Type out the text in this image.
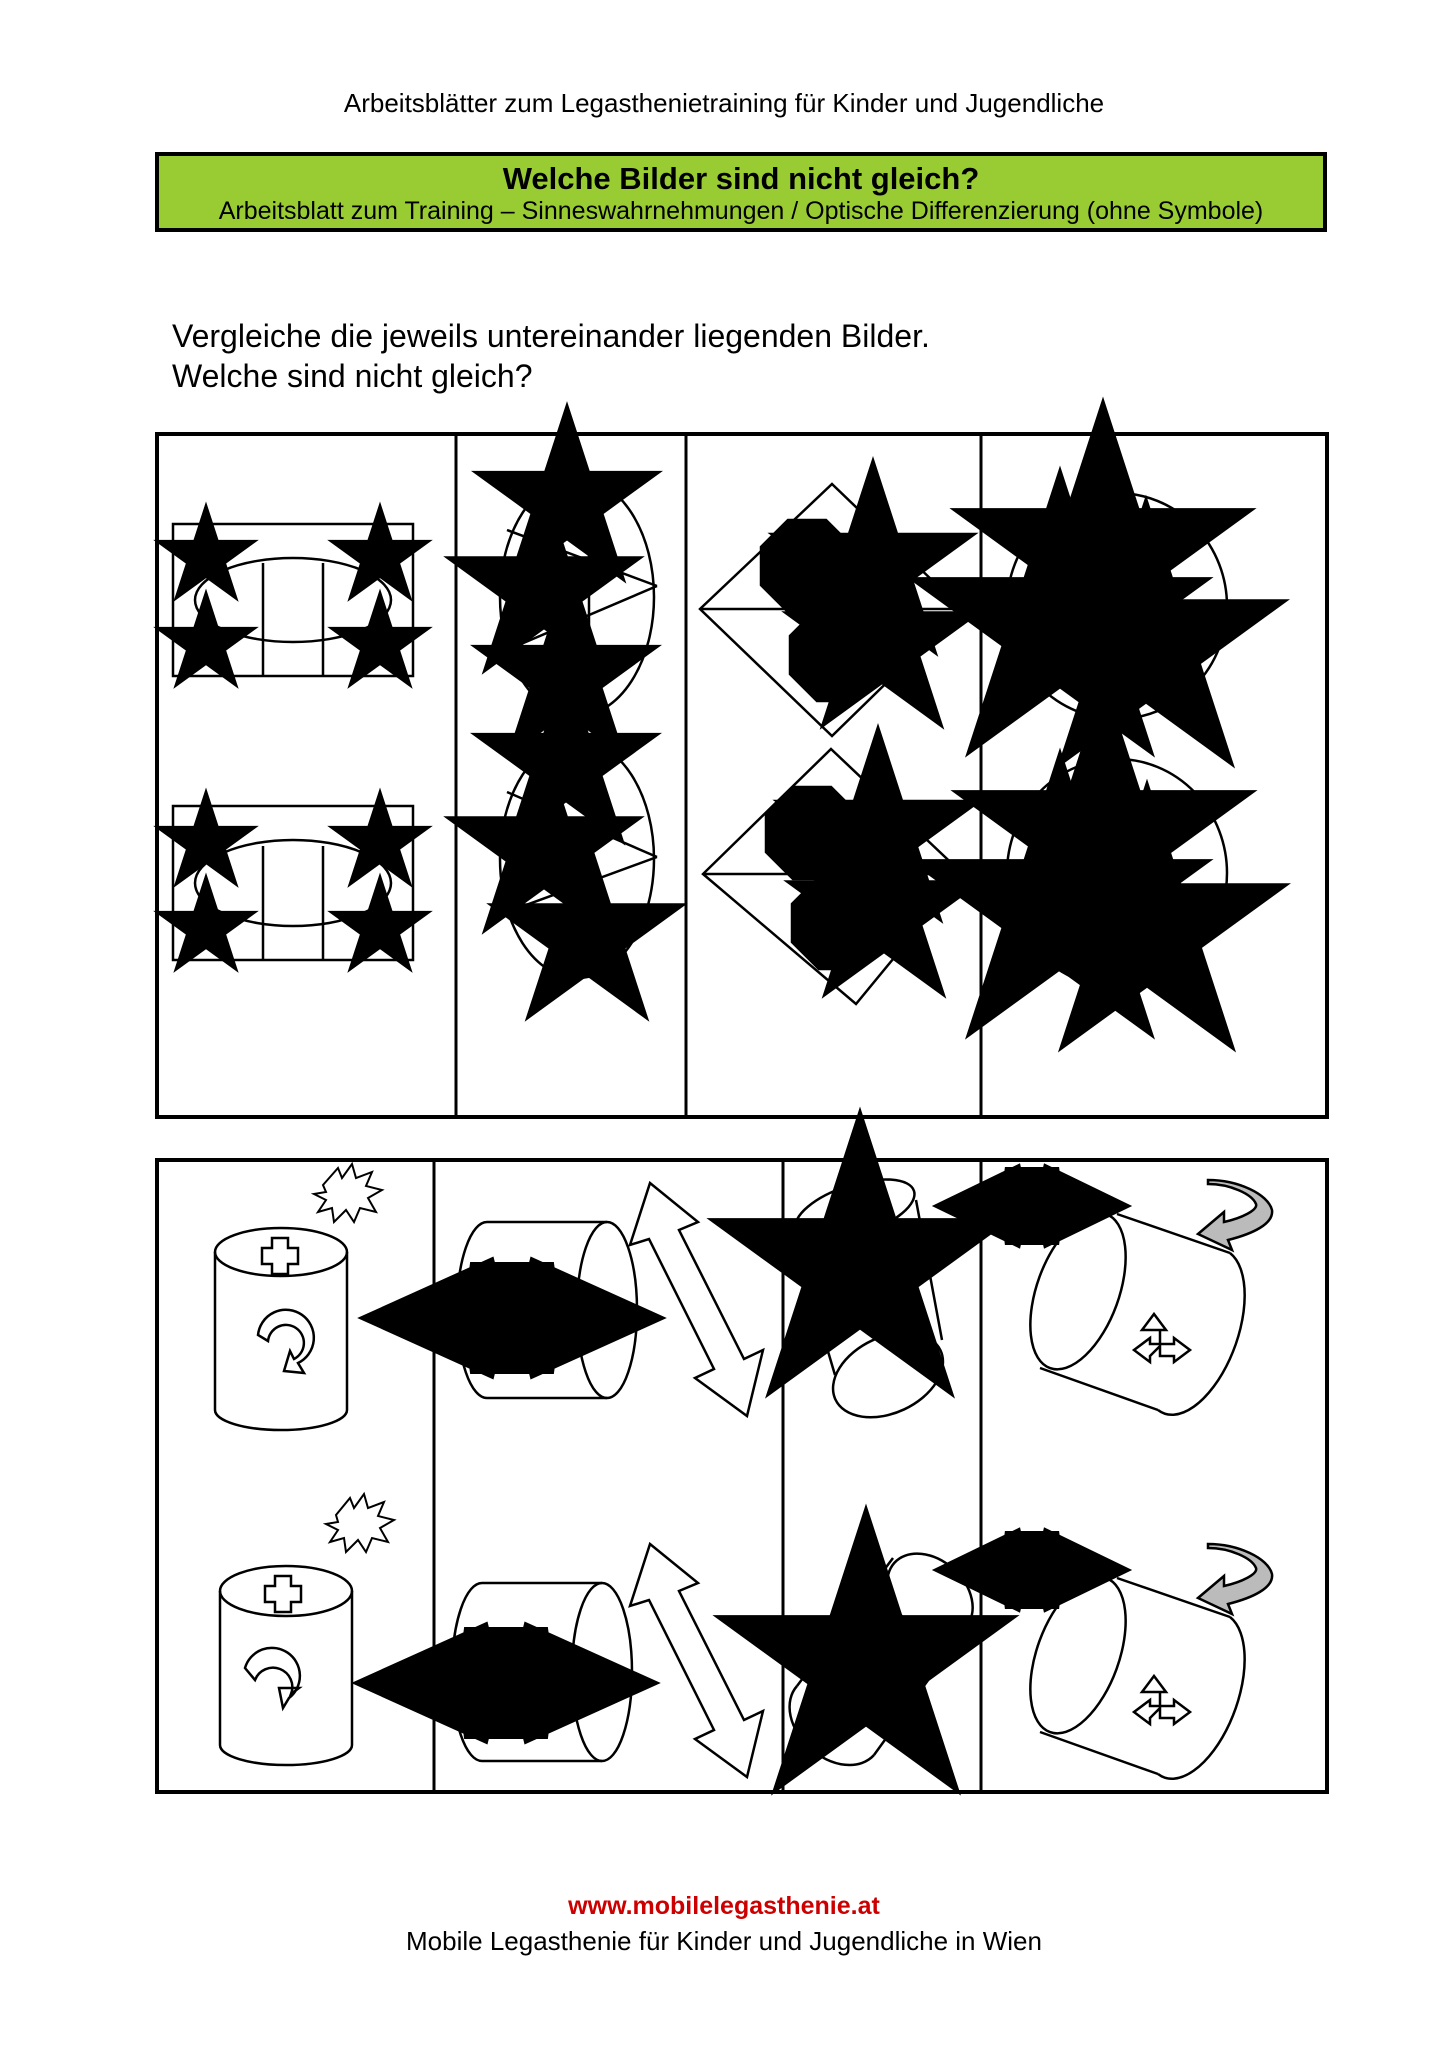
Arbeitsblätter zum Legasthenietraining für Kinder und Jugendliche
Welche Bilder sind nicht gleich?
Arbeitsblatt zum Training – Sinneswahrnehmungen / Optische Differenzierung (ohne Symbole)
Vergleiche die jeweils untereinander liegenden Bilder.
Welche sind nicht gleich?
www.mobilelegasthenie.at
Mobile Legasthenie für Kinder und Jugendliche in Wien
